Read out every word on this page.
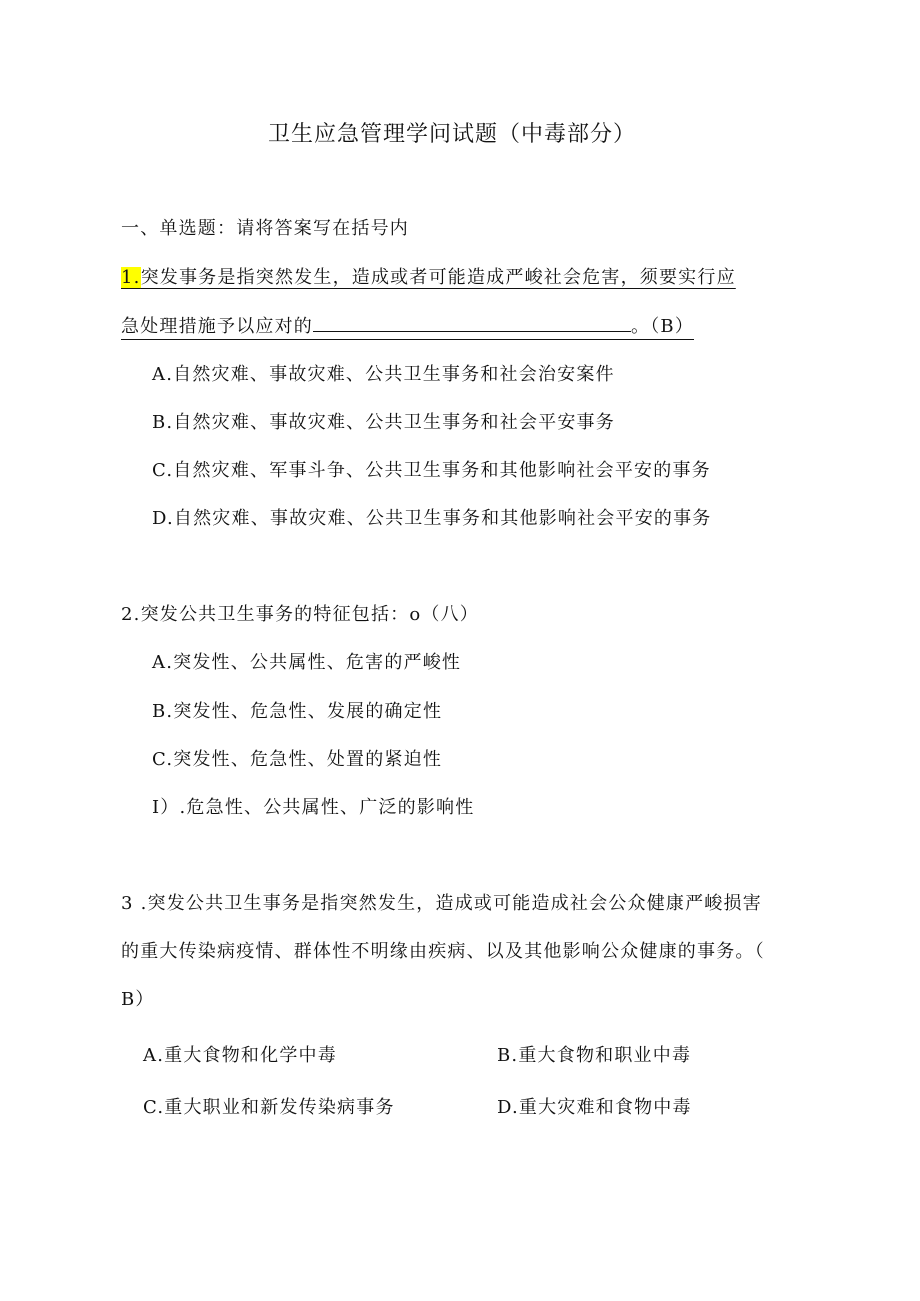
卫生应急管理学问试题（中毒部分）
一、单选题：请将答案写在括号内
1.突发事务是指突然发生，造成或者可能造成严峻社会危害，须要实行应
急处理措施予以应对的	。（B）
A.自然灾难、事故灾难、公共卫生事务和社会治安案件
B.自然灾难、事故灾难、公共卫生事务和社会平安事务
C.自然灾难、军事斗争、公共卫生事务和其他影响社会平安的事务
D.自然灾难、事故灾难、公共卫生事务和其他影响社会平安的事务
2.突发公共卫生事务的特征包括：o（八）
A.突发性、公共属性、危害的严峻性
B.突发性、危急性、发展的确定性
C.突发性、危急性、处置的紧迫性
I）.危急性、公共属性、广泛的影响性
3 .突发公共卫生事务是指突然发生，造成或可能造成社会公众健康严峻损害
的重大传染病疫情、群体性不明缘由疾病、以及其他影响公众健康的事务。（
B）
A.重大食物和化学中毒	B.重大食物和职业中毒
C.重大职业和新发传染病事务	D.重大灾难和食物中毒
